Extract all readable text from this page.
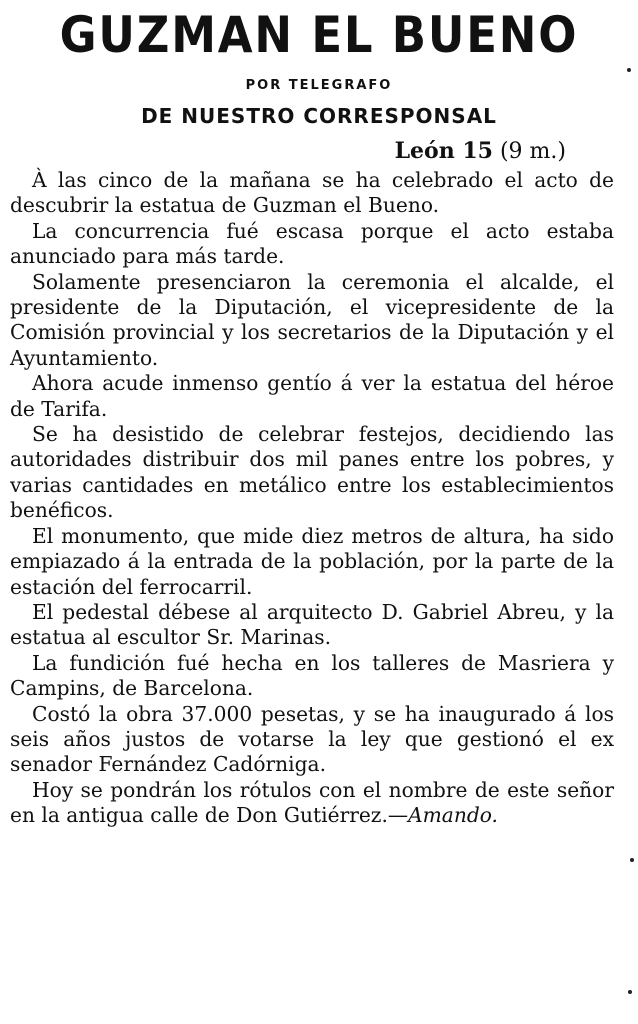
GUZMAN EL BUENO
POR TELEGRAFO
DE NUESTRO CORRESPONSAL
León 15 (9 m.)

À las cinco de la mañana se ha celebrado el acto de descubrir la estatua de Guzman el Bueno.

La concurrencia fué escasa porque el acto estaba anunciado para más tarde.

Solamente presenciaron la ceremonia el alcalde, el presidente de la Diputación, el vicepresidente de la Comisión provincial y los secretarios de la Diputación y el Ayuntamiento.

Ahora acude inmenso gentío á ver la estatua del héroe de Tarifa.

Se ha desistido de celebrar festejos, decidiendo las autoridades distribuir dos mil panes entre los pobres, y varias cantidades en metálico entre los establecimientos benéficos.

El monumento, que mide diez metros de altura, ha sido empiazado á la entrada de la población, por la parte de la estación del ferrocarril.

El pedestal débese al arquitecto D. Gabriel Abreu, y la estatua al escultor Sr. Marinas.

La fundición fué hecha en los talleres de Masriera y Campins, de Barcelona.

Costó la obra 37.000 pesetas, y se ha inaugurado á los seis años justos de votarse la ley que gestionó el ex senador Fernández Cadórniga.

Hoy se pondrán los rótulos con el nombre de este señor en la antigua calle de Don Gutiérrez.—Amando.
